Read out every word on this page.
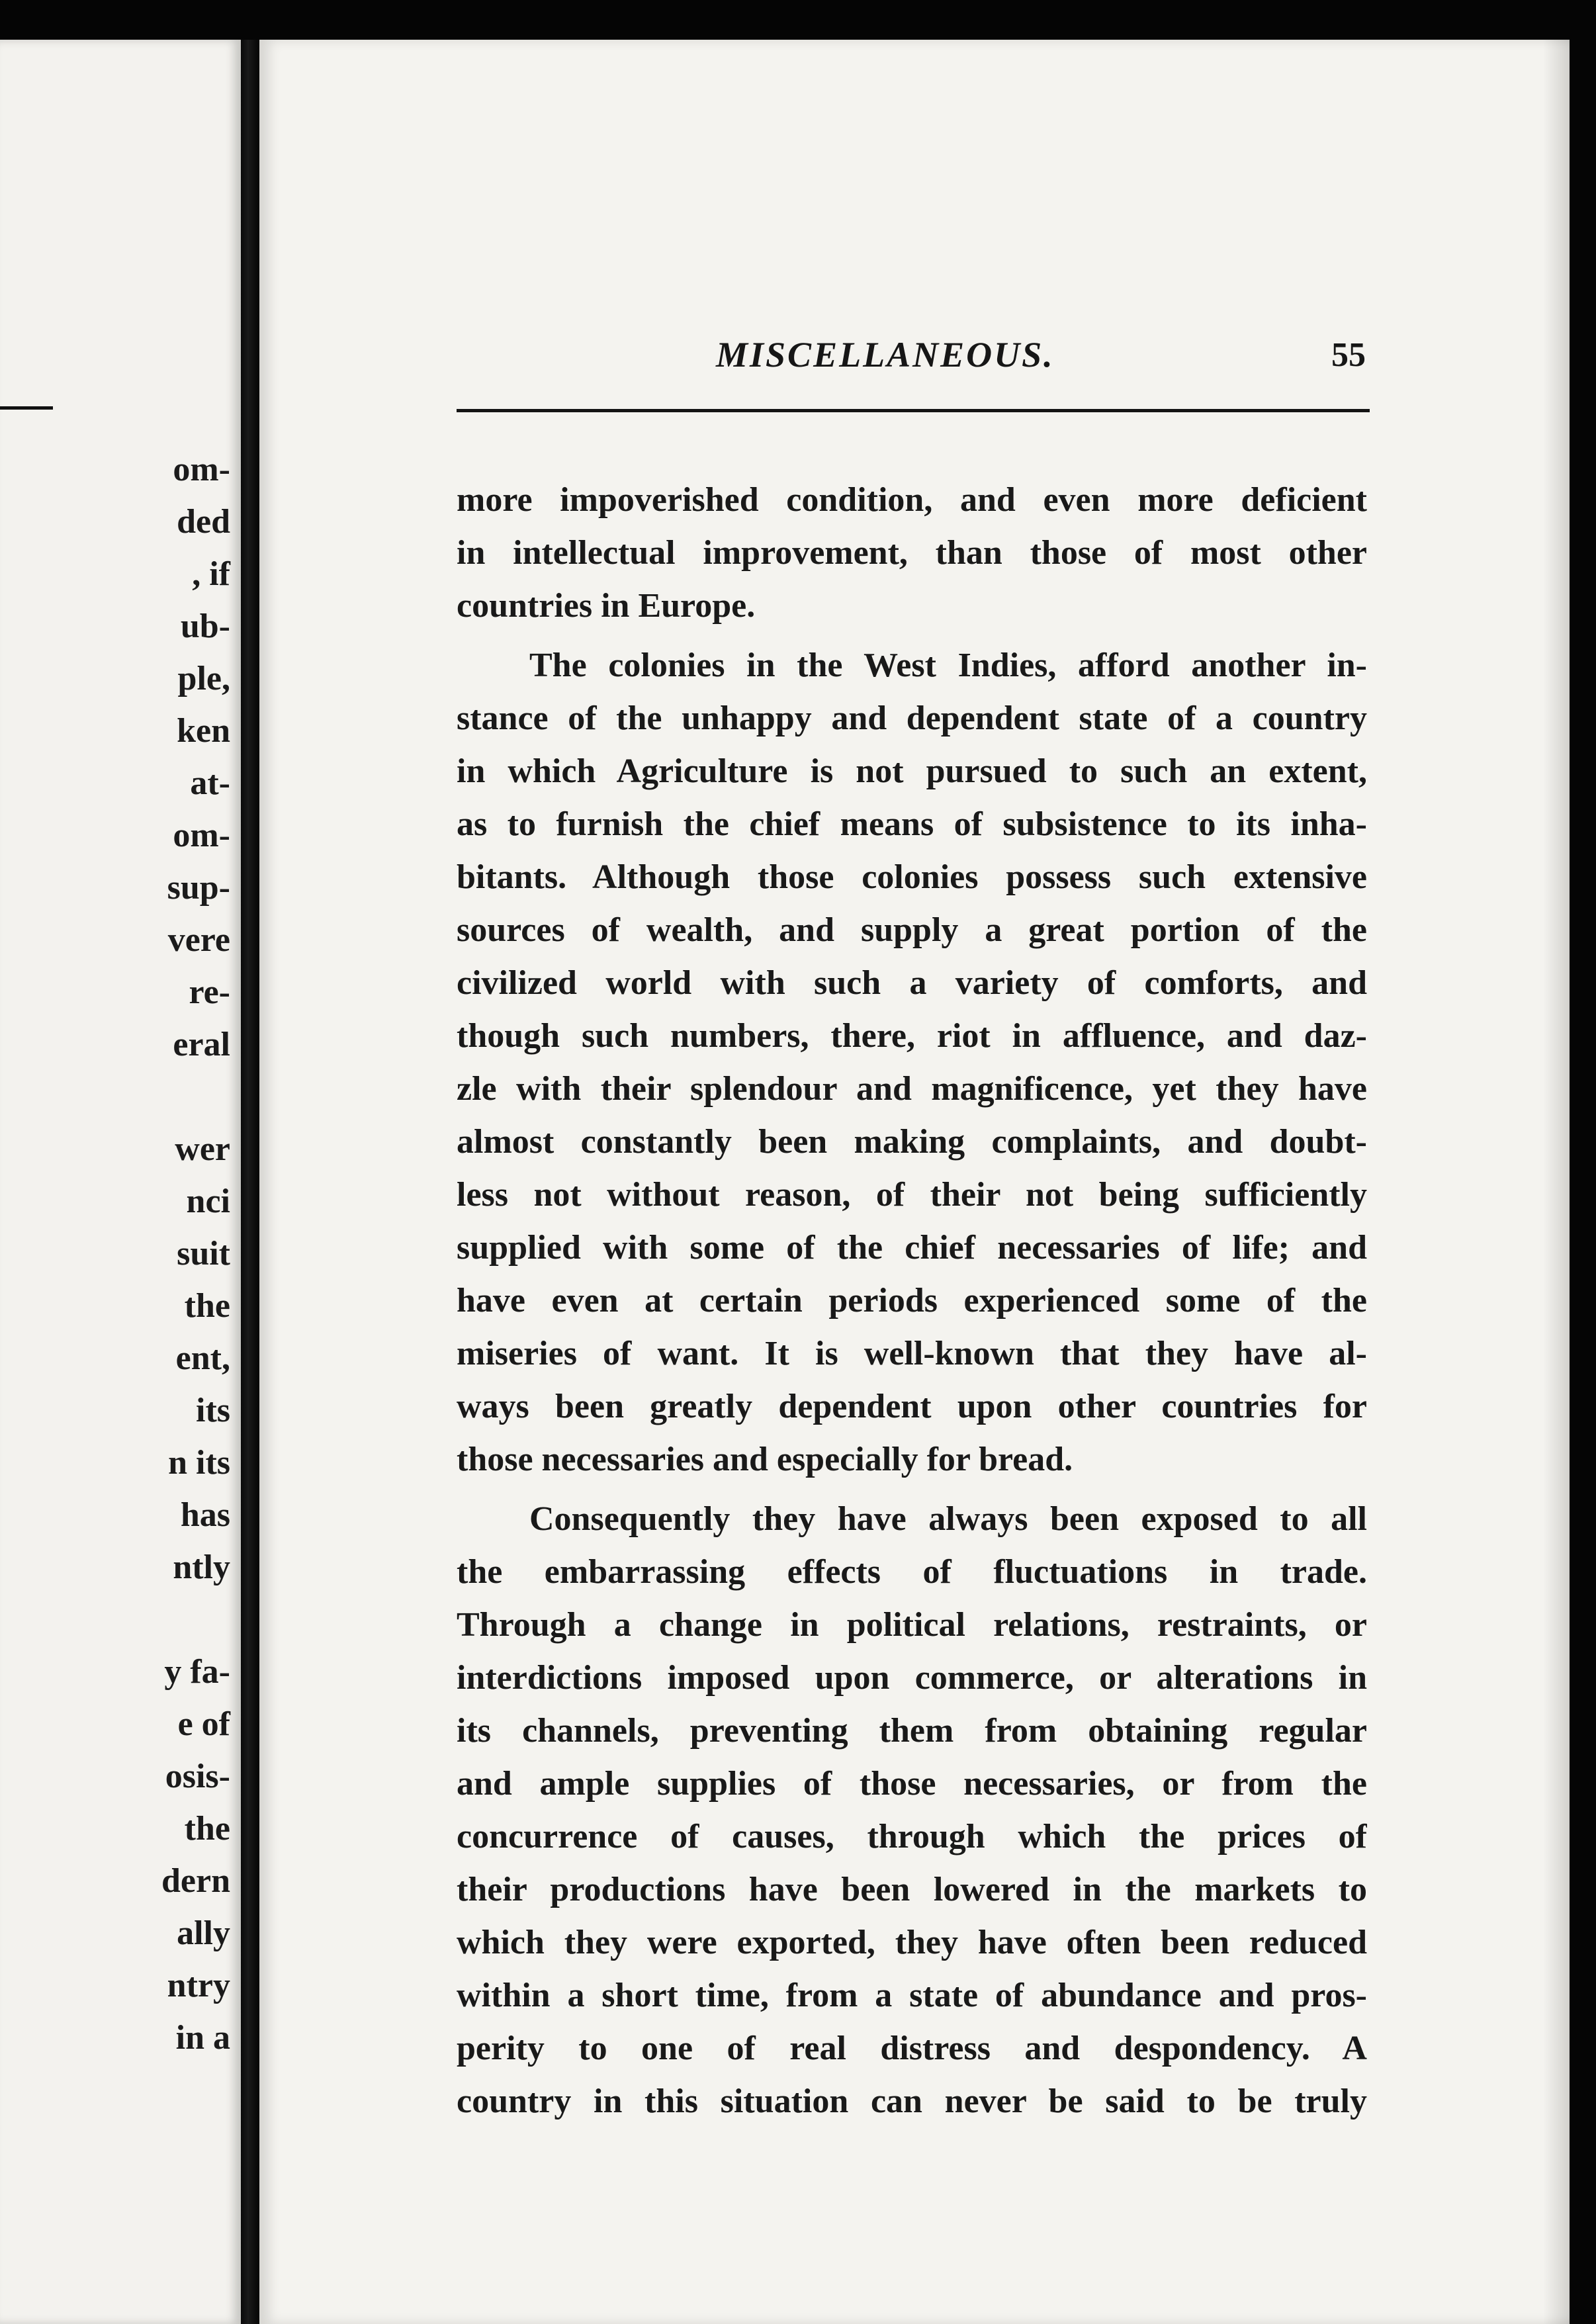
om-
ded
, if
ub-
ple,
ken
at-
om-
sup-
vere
re-
eral
wer
nci
suit
the
ent,
its
n its
has
ntly
y fa-
e of
osis-
the
dern
ally
ntry
in a
MISCELLANEOUS.	55
more impoverished condition, and even more deficient
in intellectual improvement, than those of most other
countries in Europe.
The colonies in the West Indies, afford another in-
stance of the unhappy and dependent state of a country
in which Agriculture is not pursued to such an extent,
as to furnish the chief means of subsistence to its inha-
bitants. Although those colonies possess such extensive
sources of wealth, and supply a great portion of the
civilized world with such a variety of comforts, and
though such numbers, there, riot in affluence, and daz-
zle with their splendour and magnificence, yet they have
almost constantly been making complaints, and doubt-
less not without reason, of their not being sufficiently
supplied with some of the chief necessaries of life; and
have even at certain periods experienced some of the
miseries of want. It is well-known that they have al-
ways been greatly dependent upon other countries for
those necessaries and especially for bread.
Consequently they have always been exposed to all
the embarrassing effects of fluctuations in trade.
Through a change in political relations, restraints, or
interdictions imposed upon commerce, or alterations in
its channels, preventing them from obtaining regular
and ample supplies of those necessaries, or from the
concurrence of causes, through which the prices of
their productions have been lowered in the markets to
which they were exported, they have often been reduced
within a short time, from a state of abundance and pros-
perity to one of real distress and despondency. A
country in this situation can never be said to be truly
